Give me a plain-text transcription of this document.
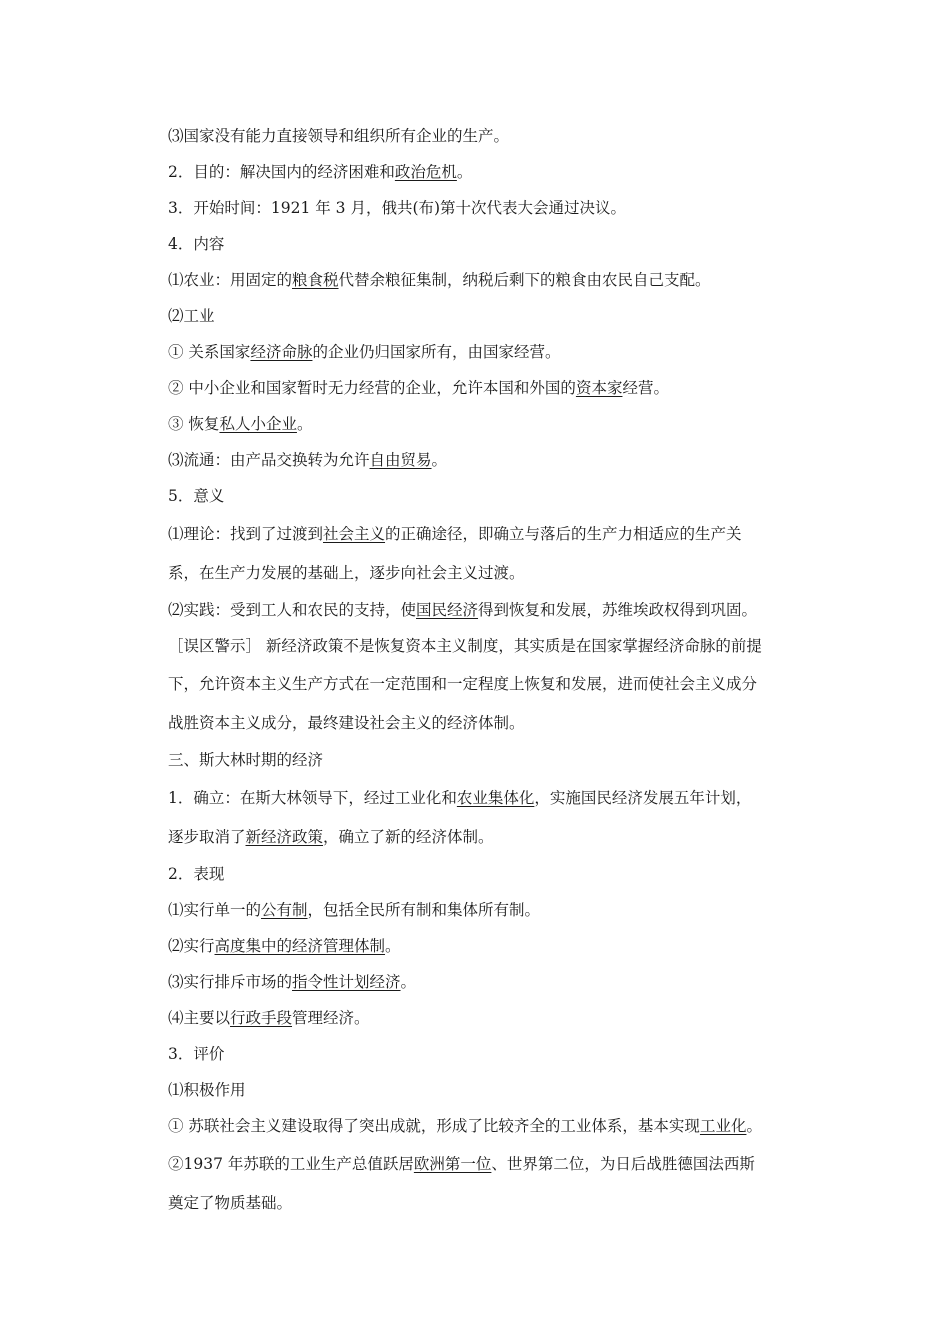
⑶国家没有能力直接领导和组织所有企业的生产。
2．目的：解决国内的经济困难和政治危机。
3．开始时间：1921 年 3 月，俄共(布)第十次代表大会通过决议。
4．内容
⑴农业：用固定的粮食税代替余粮征集制，纳税后剩下的粮食由农民自己支配。
⑵工业
① 关系国家经济命脉的企业仍归国家所有，由国家经营。
② 中小企业和国家暂时无力经营的企业，允许本国和外国的资本家经营。
③ 恢复私人小企业。
⑶流通：由产品交换转为允许自由贸易。
5．意义
⑴理论：找到了过渡到社会主义的正确途径，即确立与落后的生产力相适应的生产关
系，在生产力发展的基础上，逐步向社会主义过渡。
⑵实践：受到工人和农民的支持，使国民经济得到恢复和发展，苏维埃政权得到巩固。
［误区警示］ 新经济政策不是恢复资本主义制度，其实质是在国家掌握经济命脉的前提
下，允许资本主义生产方式在一定范围和一定程度上恢复和发展，进而使社会主义成分
战胜资本主义成分，最终建设社会主义的经济体制。
三、斯大林时期的经济
1．确立：在斯大林领导下，经过工业化和农业集体化，实施国民经济发展五年计划，
逐步取消了新经济政策，确立了新的经济体制。
2．表现
⑴实行单一的公有制，包括全民所有制和集体所有制。
⑵实行高度集中的经济管理体制。
⑶实行排斥市场的指令性计划经济。
⑷主要以行政手段管理经济。
3．评价
⑴积极作用
① 苏联社会主义建设取得了突出成就，形成了比较齐全的工业体系，基本实现工业化。
②1937 年苏联的工业生产总值跃居欧洲第一位、世界第二位，为日后战胜德国法西斯
奠定了物质基础。
